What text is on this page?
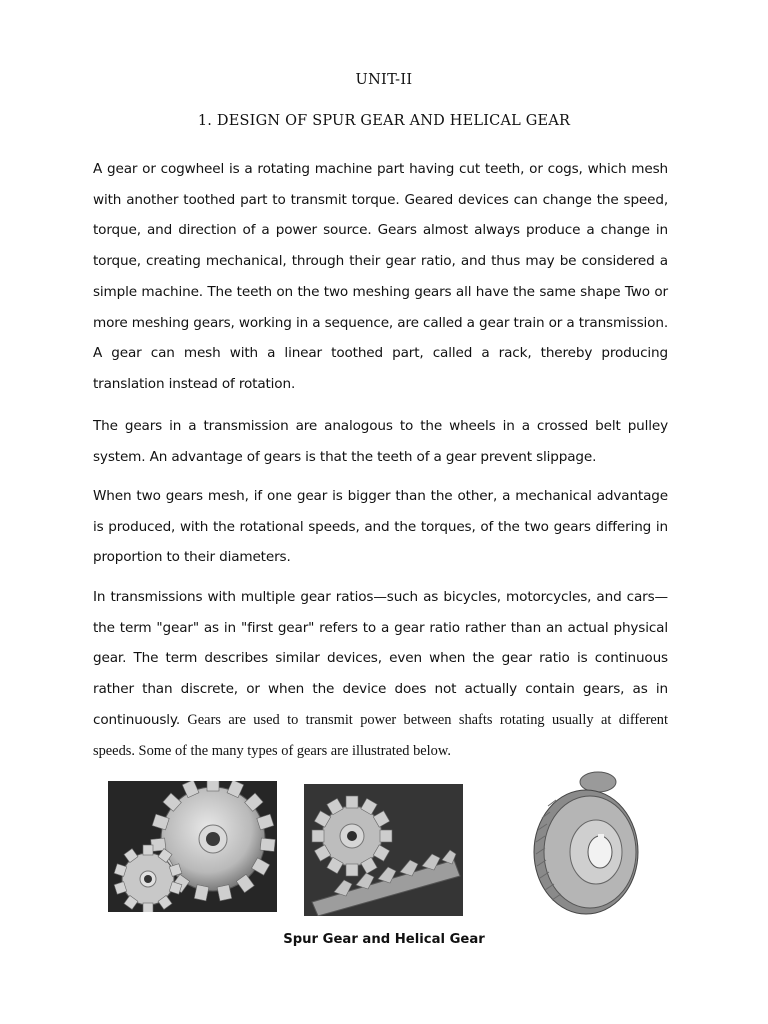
UNIT-II
1. DESIGN OF SPUR GEAR AND HELICAL GEAR

A gear or cogwheel is a rotating machine part having cut teeth, or cogs, which mesh with another toothed part to transmit torque. Geared devices can change the speed, torque, and direction of a power source. Gears almost always produce a change in torque, creating mechanical, through their gear ratio, and thus may be considered a simple machine. The teeth on the two meshing gears all have the same shape Two or more meshing gears, working in a sequence, are called a gear train or a transmission. A gear can mesh with a linear toothed part, called a rack, thereby producing translation instead of rotation.

The gears in a transmission are analogous to the wheels in a crossed belt pulley system. An advantage of gears is that the teeth of a gear prevent slippage.

When two gears mesh, if one gear is bigger than the other, a mechanical advantage is produced, with the rotational speeds, and the torques, of the two gears differing in proportion to their diameters.

In transmissions with multiple gear ratios—such as bicycles, motorcycles, and cars—the term "gear" as in "first gear" refers to a gear ratio rather than an actual physical gear. The term describes similar devices, even when the gear ratio is continuous rather than discrete, or when the device does not actually contain gears, as in continuously. Gears are used to transmit power between shafts rotating usually at different speeds. Some of the many types of gears are illustrated below.

Spur Gear and Helical Gear
